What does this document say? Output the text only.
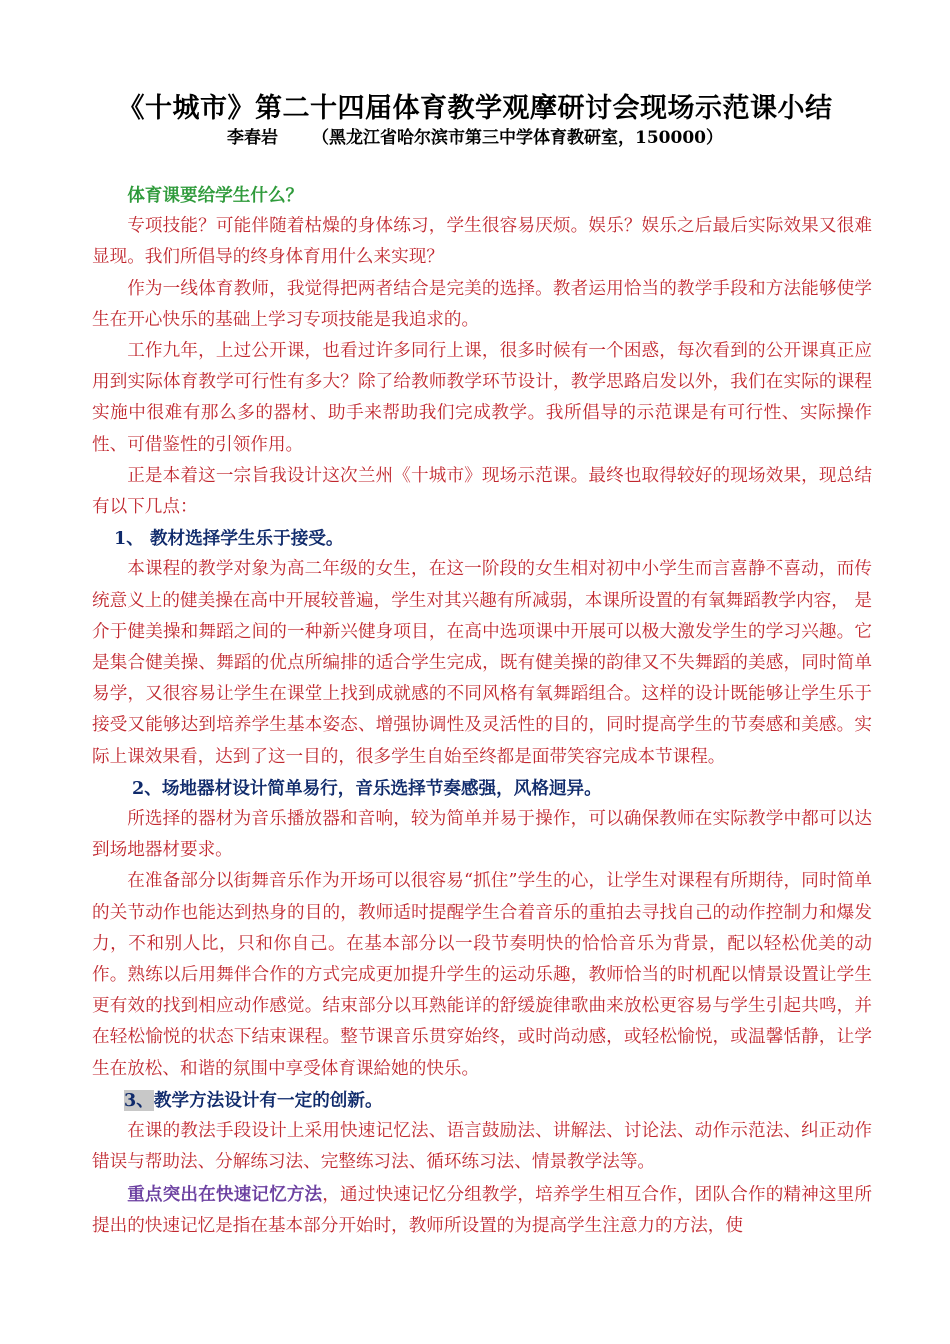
《十城市》第二十四届体育教学观摩研讨会现场示范课小结
李春岩 （黑龙江省哈尔滨市第三中学体育教研室，150000）

体育课要给学生什么？

专项技能？可能伴随着枯燥的身体练习，学生很容易厌烦。娱乐？娱乐之后最后实际效果又很难显现。我们所倡导的终身体育用什么来实现？

作为一线体育教师，我觉得把两者结合是完美的选择。教者运用恰当的教学手段和方法能够使学生在开心快乐的基础上学习专项技能是我追求的。

工作九年，上过公开课，也看过许多同行上课，很多时候有一个困惑，每次看到的公开课真正应用到实际体育教学可行性有多大？除了给教师教学环节设计，教学思路启发以外，我们在实际的课程实施中很难有那么多的器材、助手来帮助我们完成教学。我所倡导的示范课是有可行性、实际操作性、可借鉴性的引领作用。

正是本着这一宗旨我设计这次兰州《十城市》现场示范课。最终也取得较好的现场效果，现总结有以下几点：

1、 教材选择学生乐于接受。

本课程的教学对象为高二年级的女生，在这一阶段的女生相对初中小学生而言喜静不喜动，而传统意义上的健美操在高中开展较普遍，学生对其兴趣有所减弱，本课所设置的有氧舞蹈教学内容， 是介于健美操和舞蹈之间的一种新兴健身项目，在高中选项课中开展可以极大激发学生的学习兴趣。它是集合健美操、舞蹈的优点所编排的适合学生完成，既有健美操的韵律又不失舞蹈的美感，同时简单易学，又很容易让学生在课堂上找到成就感的不同风格有氧舞蹈组合。这样的设计既能够让学生乐于接受又能够达到培养学生基本姿态、增强协调性及灵活性的目的，同时提高学生的节奏感和美感。实际上课效果看，达到了这一目的，很多学生自始至终都是面带笑容完成本节课程。

2、场地器材设计简单易行，音乐选择节奏感强，风格迥异。

所选择的器材为音乐播放器和音响，较为简单并易于操作，可以确保教师在实际教学中都可以达到场地器材要求。

在准备部分以街舞音乐作为开场可以很容易“抓住”学生的心，让学生对课程有所期待，同时简单的关节动作也能达到热身的目的，教师适时提醒学生合着音乐的重拍去寻找自己的动作控制力和爆发力，不和别人比，只和你自己。在基本部分以一段节奏明快的恰恰音乐为背景，配以轻松优美的动作。熟练以后用舞伴合作的方式完成更加提升学生的运动乐趣，教师恰当的时机配以情景设置让学生更有效的找到相应动作感觉。结束部分以耳熟能详的舒缓旋律歌曲来放松更容易与学生引起共鸣，并在轻松愉悦的状态下结束课程。整节课音乐贯穿始终，或时尚动感，或轻松愉悦，或温馨恬静，让学生在放松、和谐的氛围中享受体育课給她的快乐。

3、教学方法设计有一定的创新。

在课的教法手段设计上采用快速记忆法、语言鼓励法、讲解法、讨论法、动作示范法、纠正动作错误与帮助法、分解练习法、完整练习法、循环练习法、情景教学法等。

重点突出在快速记忆方法，通过快速记忆分组教学，培养学生相互合作，团队合作的精神这里所提出的快速记忆是指在基本部分开始时，教师所设置的为提高学生注意力的方法，使
